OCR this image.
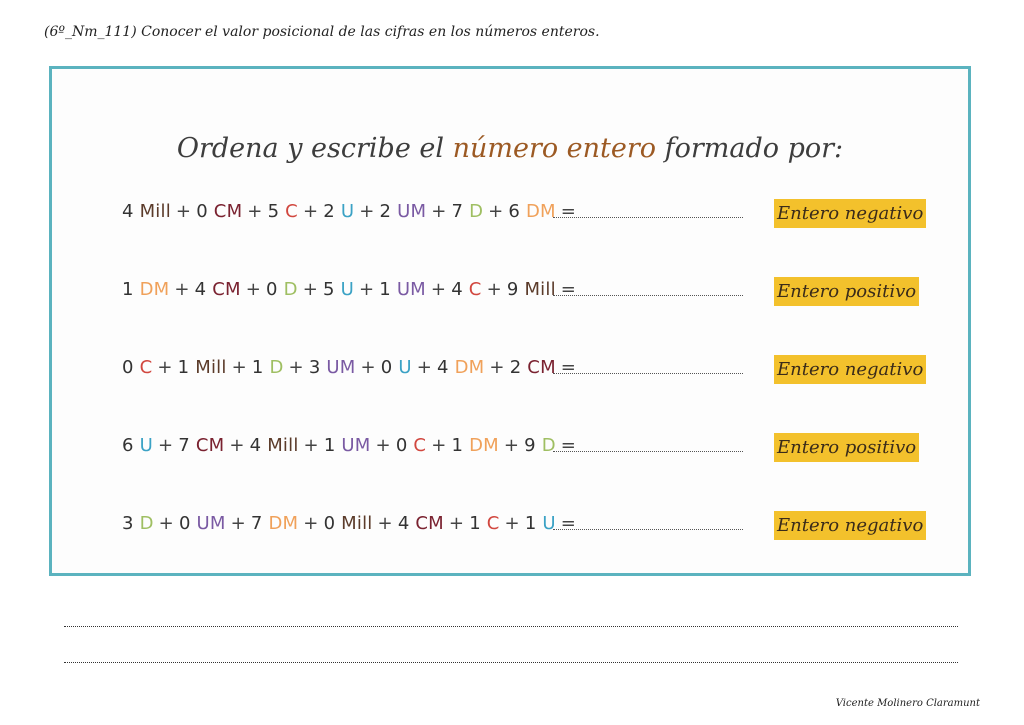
(6º_Nm_111) Conocer el valor posicional de las cifras en los números enteros.
Ordena y escribe el número entero formado por:
4 Mill + 0 CM + 5 C + 2 U + 2 UM + 7 D + 6 DM =	Entero negativo
1 DM + 4 CM + 0 D + 5 U + 1 UM + 4 C + 9 Mill =	Entero positivo
0 C + 1 Mill + 1 D + 3 UM + 0 U + 4 DM + 2 CM =	Entero negativo
6 U + 7 CM + 4 Mill + 1 UM + 0 C + 1 DM + 9 D =	Entero positivo
3 D + 0 UM + 7 DM + 0 Mill + 4 CM + 1 C + 1 U =	Entero negativo
Vicente Molinero Claramunt
